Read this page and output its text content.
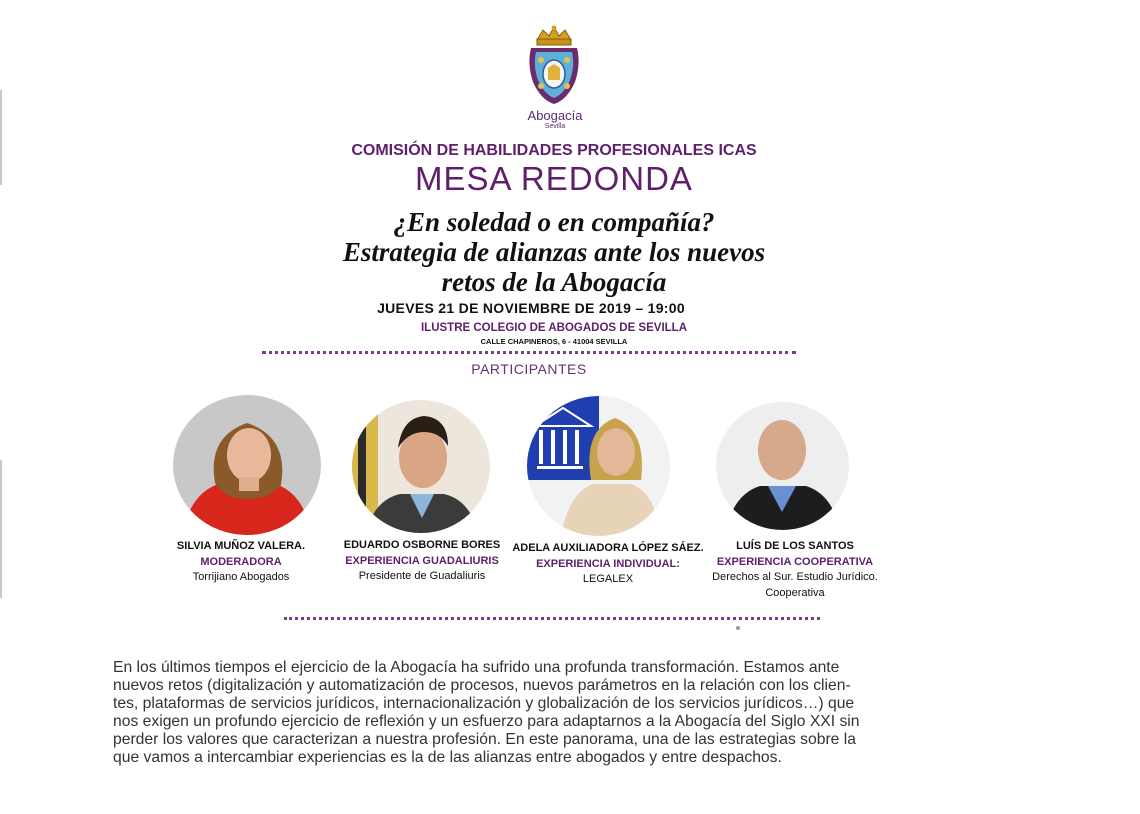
Abogacía
Sevilla
COMISIÓN DE HABILIDADES PROFESIONALES ICAS
MESA REDONDA
¿En soledad o en compañía?
Estrategia de alianzas ante los nuevos
retos de la Abogacía
JUEVES 21 DE NOVIEMBRE DE 2019 – 19:00
ILUSTRE COLEGIO DE ABOGADOS DE SEVILLA
CALLE CHAPINEROS, 6 - 41004 SEVILLA
PARTICIPANTES
SILVIA MUÑOZ VALERA.
MODERADORA
Torrijiano Abogados
EDUARDO OSBORNE BORES
EXPERIENCIA GUADALIURIS
Presidente de Guadaliuris
ADELA AUXILIADORA LÓPEZ SÁEZ.
EXPERIENCIA INDIVIDUAL:
LEGALEX
LUÍS DE LOS SANTOS
EXPERIENCIA COOPERATIVA
Derechos al Sur. Estudio Jurídico.
Cooperativa
En los últimos tiempos el ejercicio de la Abogacía ha sufrido una profunda transformación. Estamos ante
nuevos retos (digitalización y automatización de procesos, nuevos parámetros en la relación con los clien-
tes, plataformas de servicios jurídicos, internacionalización y globalización de los servicios jurídicos…) que
nos exigen un profundo ejercicio de reflexión y un esfuerzo para adaptarnos a la Abogacía del Siglo XXI sin
perder los valores que caracterizan a nuestra profesión. En este panorama, una de las estrategias sobre la
que vamos a intercambiar experiencias es la de las alianzas entre abogados y entre despachos.
